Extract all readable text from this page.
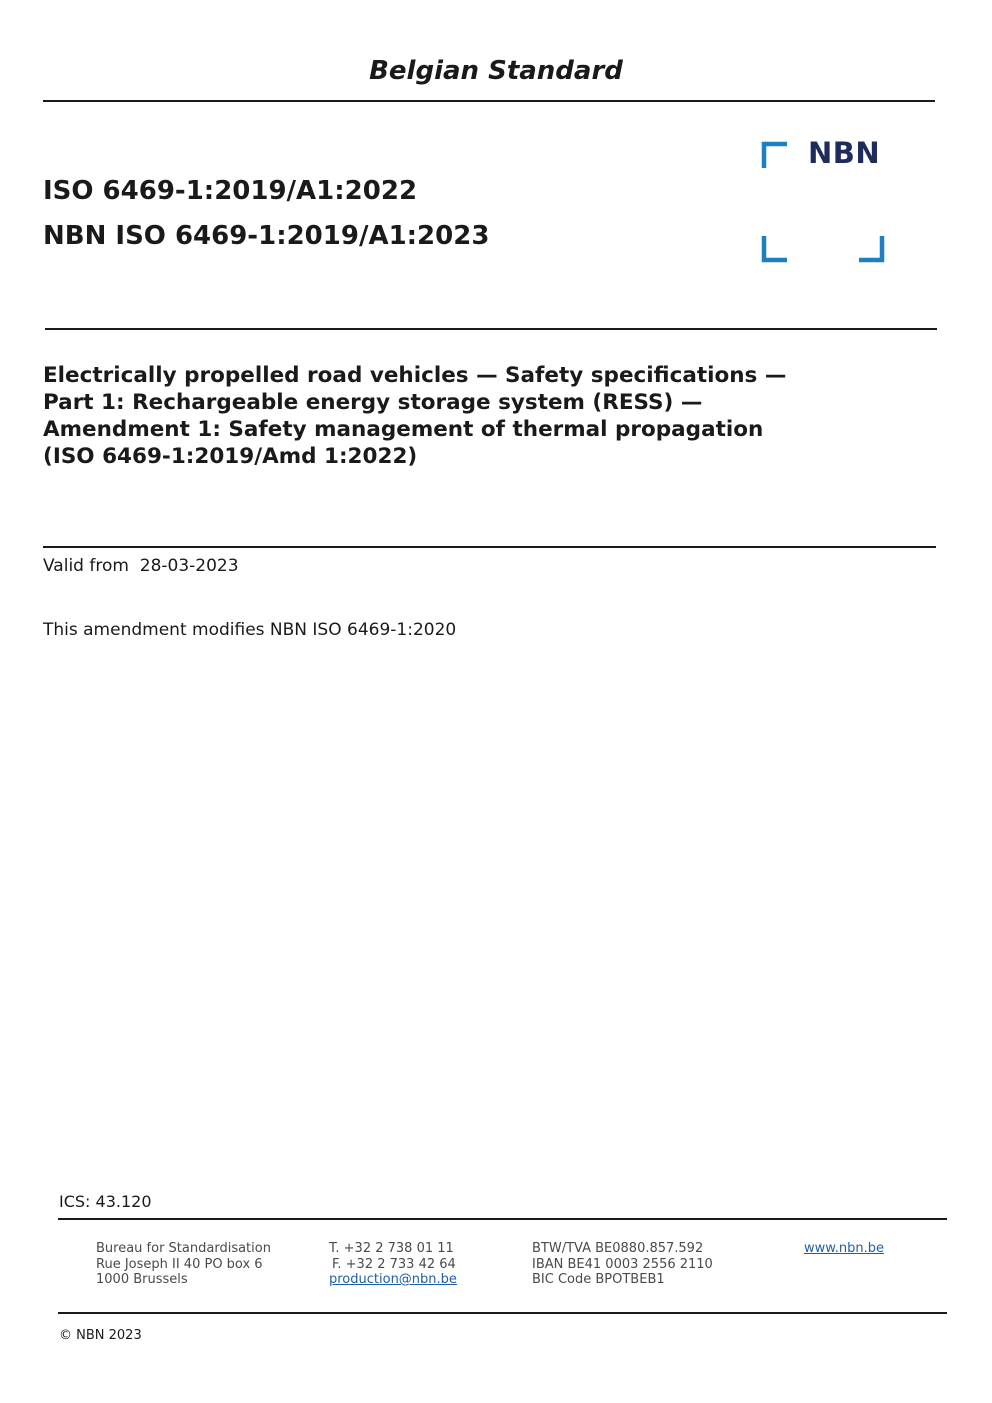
Belgian Standard
ISO 6469-1:2019/A1:2022
NBN ISO 6469-1:2019/A1:2023
NBN
Electrically propelled road vehicles — Safety specifications —
Part 1: Rechargeable energy storage system (RESS) —
Amendment 1: Safety management of thermal propagation
(ISO 6469-1:2019/Amd 1:2022)
Valid from 28-03-2023
This amendment modifies NBN ISO 6469-1:2020
ICS: 43.120
Bureau for Standardisation
Rue Joseph II 40 PO box 6
1000 Brussels
T. +32 2 738 01 11
F. +32 2 733 42 64
production@nbn.be
BTW/TVA BE0880.857.592
IBAN BE41 0003 2556 2110
BIC Code BPOTBEB1
www.nbn.be
© NBN 2023
